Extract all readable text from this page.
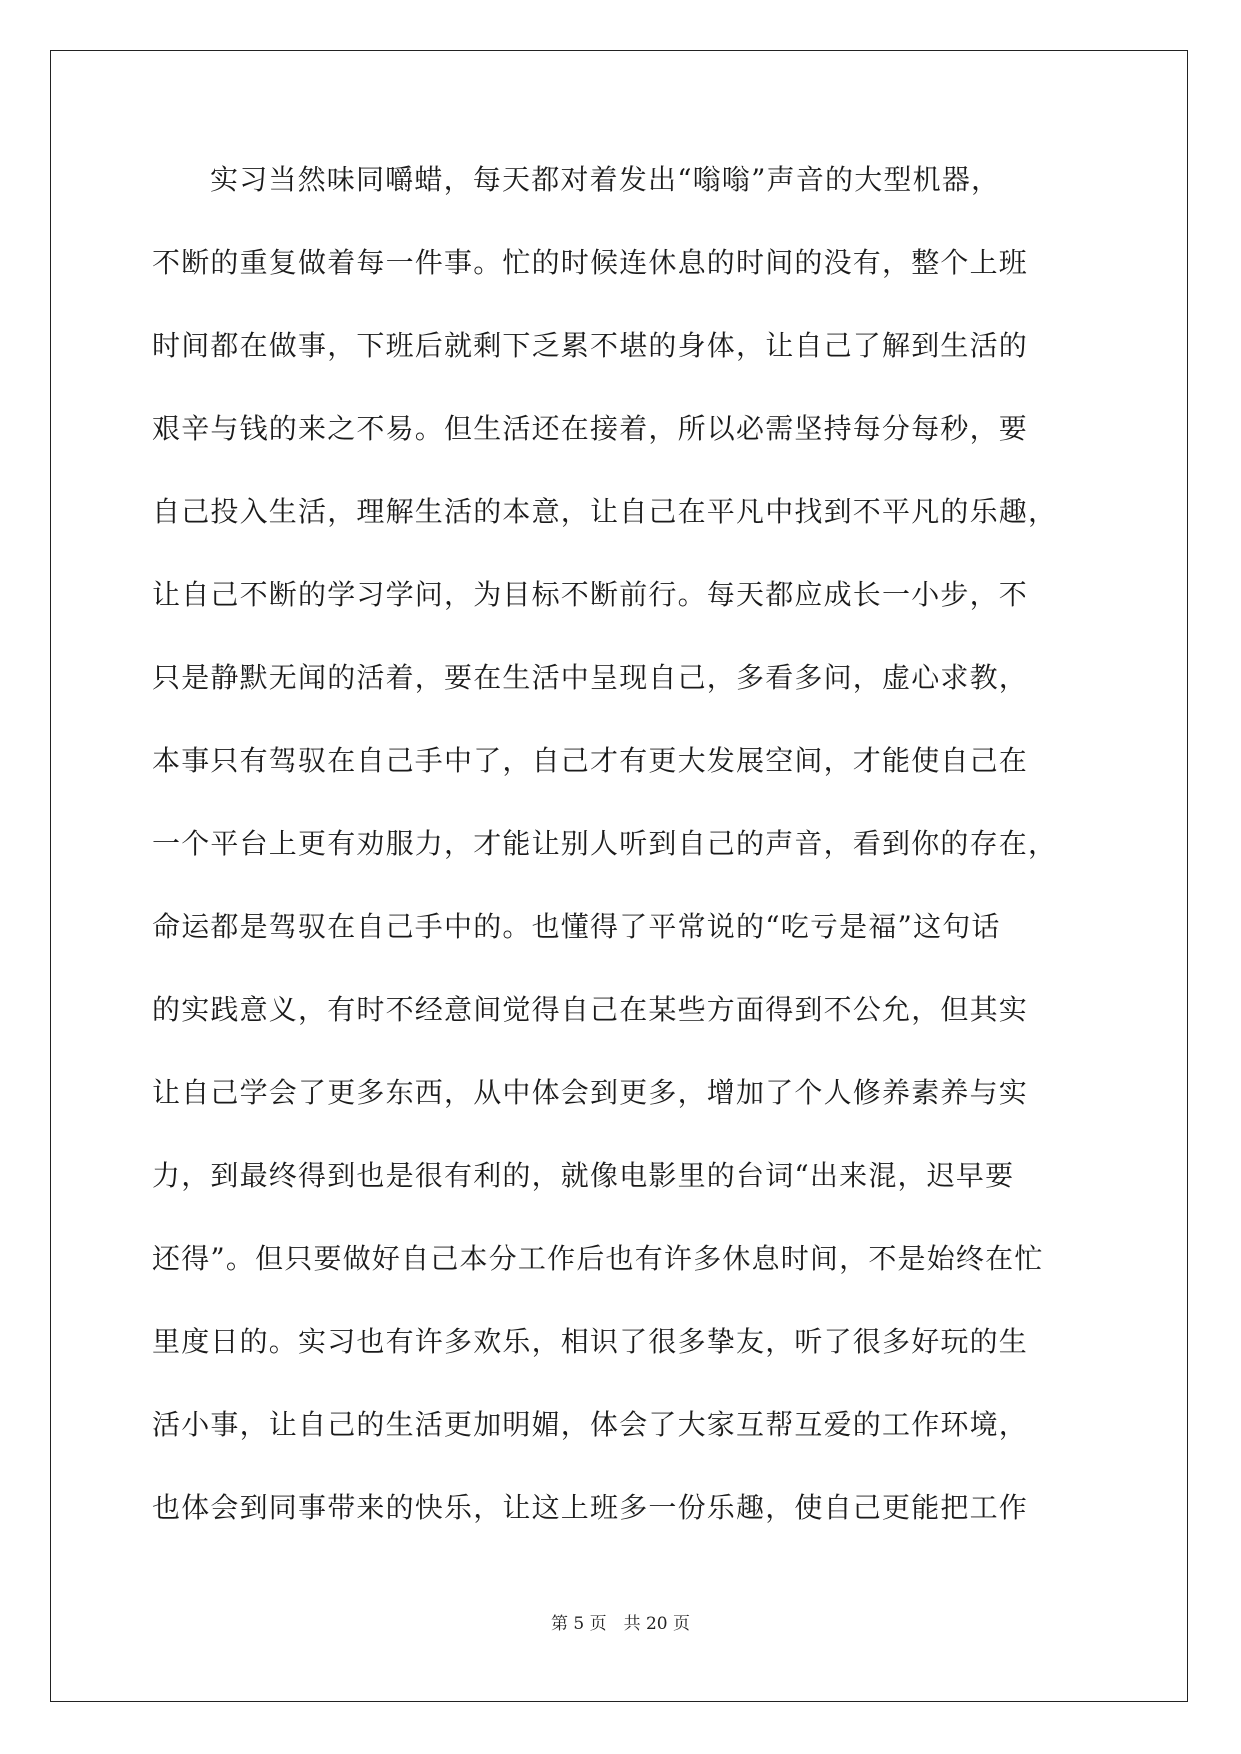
实习当然味同嚼蜡，每天都对着发出“嗡嗡”声音的大型机器，
不断的重复做着每一件事。忙的时候连休息的时间的没有，整个上班
时间都在做事，下班后就剩下乏累不堪的身体，让自己了解到生活的
艰辛与钱的来之不易。但生活还在接着，所以必需坚持每分每秒，要
自己投入生活，理解生活的本意，让自己在平凡中找到不平凡的乐趣，
让自己不断的学习学问，为目标不断前行。每天都应成长一小步，不
只是静默无闻的活着，要在生活中呈现自己，多看多问，虚心求教，
本事只有驾驭在自己手中了，自己才有更大发展空间，才能使自己在
一个平台上更有劝服力，才能让别人听到自己的声音，看到你的存在，
命运都是驾驭在自己手中的。也懂得了平常说的“吃亏是福”这句话
的实践意义，有时不经意间觉得自己在某些方面得到不公允，但其实
让自己学会了更多东西，从中体会到更多，增加了个人修养素养与实
力，到最终得到也是很有利的，就像电影里的台词“出来混，迟早要
还得”。但只要做好自己本分工作后也有许多休息时间，不是始终在忙
里度日的。实习也有许多欢乐，相识了很多挚友，听了很多好玩的生
活小事，让自己的生活更加明媚，体会了大家互帮互爱的工作环境，
也体会到同事带来的快乐，让这上班多一份乐趣，使自己更能把工作
第 5 页　共 20 页
